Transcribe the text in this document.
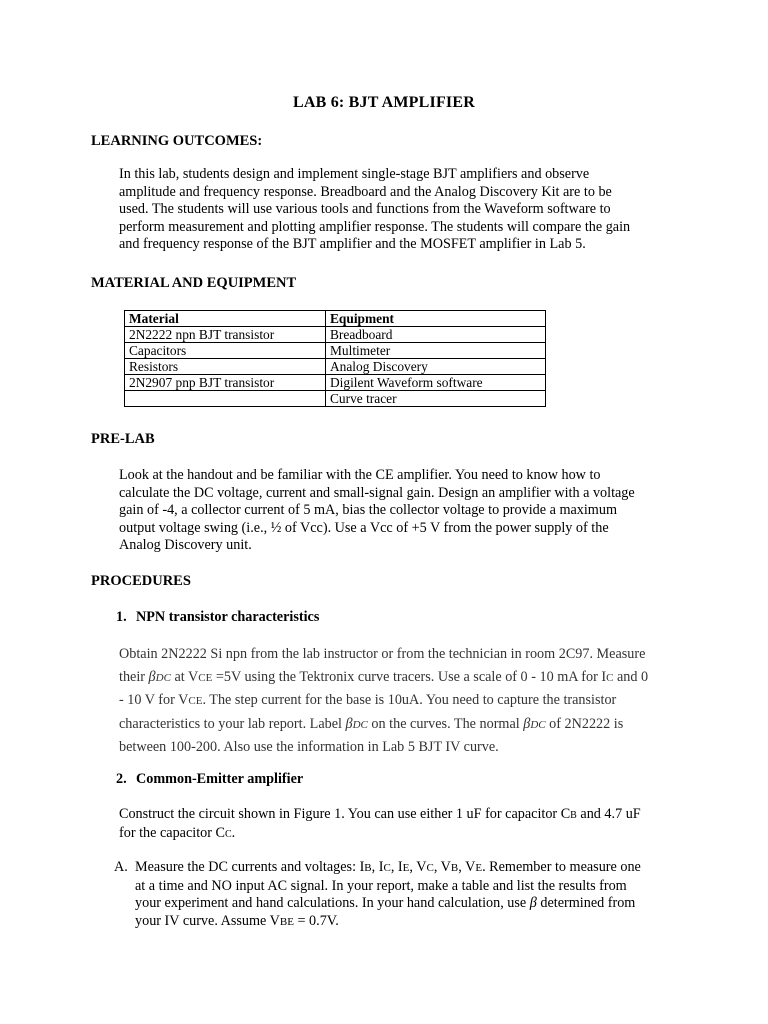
LAB 6: BJT AMPLIFIER
LEARNING OUTCOMES:
In this lab, students design and implement single-stage BJT amplifiers and observe
amplitude and frequency response. Breadboard and the Analog Discovery Kit are to be
used. The students will use various tools and functions from the Waveform software to
perform measurement and plotting amplifier response. The students will compare the gain
and frequency response of the BJT amplifier and the MOSFET amplifier in Lab 5.
MATERIAL AND EQUIPMENT
Material	Equipment
2N2222 npn BJT transistor	Breadboard
Capacitors	Multimeter
Resistors	Analog Discovery
2N2907 pnp BJT transistor	Digilent Waveform software
	Curve tracer
PRE-LAB
Look at the handout and be familiar with the CE amplifier. You need to know how to
calculate the DC voltage, current and small-signal gain. Design an amplifier with a voltage
gain of -4, a collector current of 5 mA, bias the collector voltage to provide a maximum
output voltage swing (i.e., ½ of Vcc). Use a Vcc of +5 V from the power supply of the
Analog Discovery unit.
PROCEDURES
1. NPN transistor characteristics
Obtain 2N2222 Si npn from the lab instructor or from the technician in room 2C97. Measure
their βDC at VCE =5V using the Tektronix curve tracers. Use a scale of 0 - 10 mA for IC and 0
- 10 V for VCE. The step current for the base is 10uA. You need to capture the transistor
characteristics to your lab report. Label βDC on the curves. The normal βDC of 2N2222 is
between 100-200. Also use the information in Lab 5 BJT IV curve.
2. Common-Emitter amplifier
Construct the circuit shown in Figure 1. You can use either 1 uF for capacitor CB and 4.7 uF
for the capacitor CC.
A. Measure the DC currents and voltages: IB, IC, IE, VC, VB, VE. Remember to measure one
at a time and NO input AC signal. In your report, make a table and list the results from
your experiment and hand calculations. In your hand calculation, use β determined from
your IV curve. Assume VBE = 0.7V.
